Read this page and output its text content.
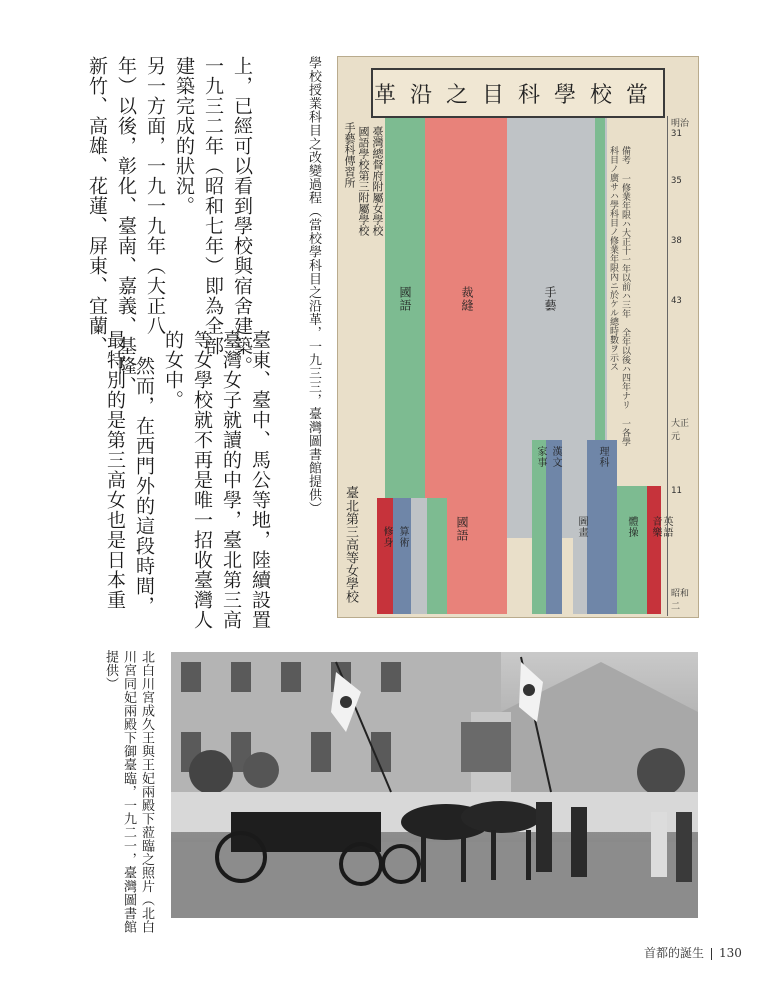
上，已經可以看到學校與宿舍建築。

一九三二年（昭和七年）即為全部

建築完成的狀況。

另一方面，一九一九年（大正八

年）以後，彰化、臺南、嘉義、基隆、

新竹、高雄、花蓮、屏東、宜蘭、

臺東、臺中、馬公等地，陸續設置

臺灣女子就讀的中學，臺北第三高

等女學校就不再是唯一招收臺灣人

的女中。

然而，在西門外的這段時間，

最特別的是第三高女也是日本重	學校授業科目之改變過程（當校學科目之沿革，一九三三，臺灣圖書館提供） 革沿之目科學校當
手藝科傳習所 國語學校第三附屬學校 臺灣總督府附屬女學校
臺北第三高等女學校
國語	裁縫	手藝
修身	國語
算術
家事 漢文	理科
圖畫	體操 音樂 英語
備考 一修業年限ハ大正十一年以前ハ三年 全年以後ハ四年ナリ 一各學科目ノ廣サハ學科目ノ修業年限內ニ於ケル總時數ヲ示ス
明治31
35
38
43
大正元
11
昭和二
北白川宮成久王與王妃兩殿下蒞臨之照片（北白川宮同妃兩殿下御臺臨，一九二一，臺灣圖書館提供）
首都的誕生 130
